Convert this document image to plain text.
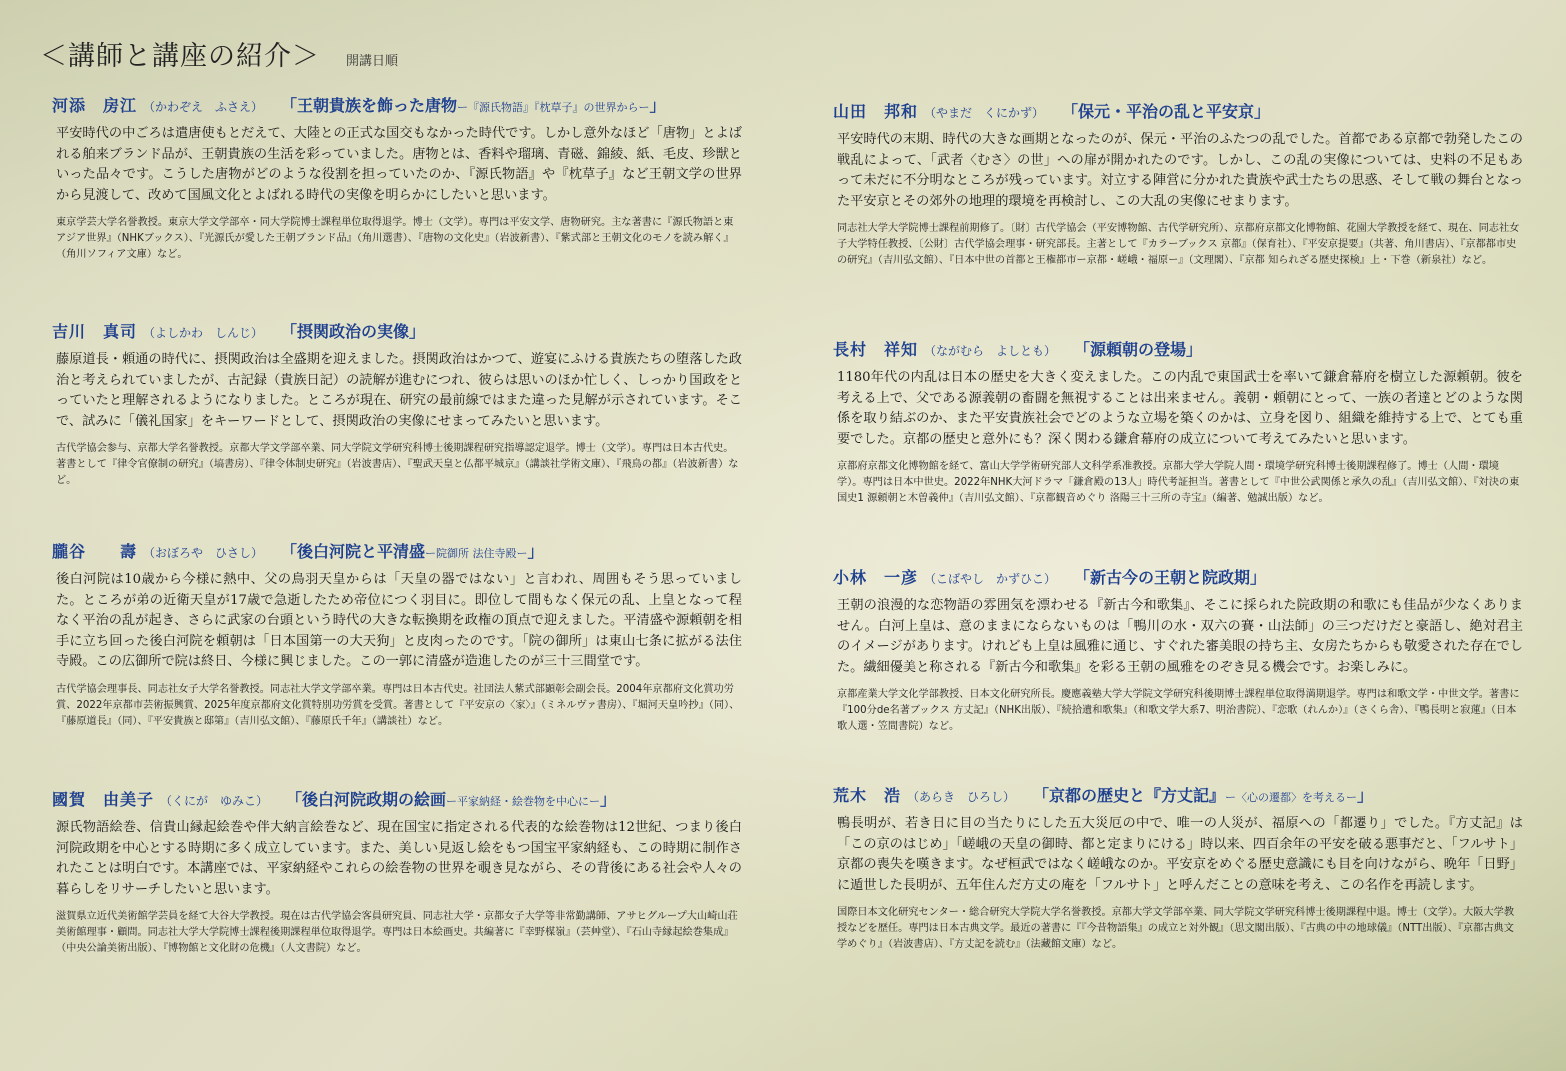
＜講師と講座の紹介＞ 開講日順
河添　房江 （かわぞえ　ふさえ） 「王朝貴族を飾った唐物ー『源氏物語』『枕草子』の世界からー」
平安時代の中ごろは遣唐使もとだえて、大陸との正式な国交もなかった時代です。しかし意外なほど「唐物」とよばれる舶来ブランド品が、王朝貴族の生活を彩っていました。唐物とは、香料や瑠璃、青磁、錦綾、紙、毛皮、珍獣といった品々です。こうした唐物がどのような役割を担っていたのか、『源氏物語』や『枕草子』など王朝文学の世界から見渡して、改めて国風文化とよばれる時代の実像を明らかにしたいと思います。
東京学芸大学名誉教授。東京大学文学部卒・同大学院博士課程単位取得退学。博士（文学）。専門は平安文学、唐物研究。主な著書に『源氏物語と東アジア世界』（NHKブックス）、『光源氏が愛した王朝ブランド品』（角川選書）、『唐物の文化史』（岩波新書）、『紫式部と王朝文化のモノを読み解く』（角川ソフィア文庫）など。
吉川　真司 （よしかわ　しんじ） 「摂関政治の実像」
藤原道長・頼通の時代に、摂関政治は全盛期を迎えました。摂関政治はかつて、遊宴にふける貴族たちの堕落した政治と考えられていましたが、古記録（貴族日記）の読解が進むにつれ、彼らは思いのほか忙しく、しっかり国政をとっていたと理解されるようになりました。ところが現在、研究の最前線ではまた違った見解が示されています。そこで、試みに「儀礼国家」をキーワードとして、摂関政治の実像にせまってみたいと思います。
古代学協会参与、京都大学名誉教授。京都大学文学部卒業、同大学院文学研究科博士後期課程研究指導認定退学。博士（文学）。専門は日本古代史。著書として『律令官僚制の研究』（塙書房）、『律令体制史研究』（岩波書店）、『聖武天皇と仏都平城京』（講談社学術文庫）、『飛鳥の都』（岩波新書）など。
朧谷　　壽 （おぼろや　ひさし） 「後白河院と平清盛ー院御所 法住寺殿ー」
後白河院は10歳から今様に熱中、父の鳥羽天皇からは「天皇の器ではない」と言われ、周囲もそう思っていました。ところが弟の近衛天皇が17歳で急逝したため帝位につく羽目に。即位して間もなく保元の乱、上皇となって程なく平治の乱が起き、さらに武家の台頭という時代の大きな転換期を政権の頂点で迎えました。平清盛や源頼朝を相手に立ち回った後白河院を頼朝は「日本国第一の大天狗」と皮肉ったのです。「院の御所」は東山七条に拡がる法住寺殿。この広御所で院は終日、今様に興じました。この一郭に清盛が造進したのが三十三間堂です。
古代学協会理事長、同志社女子大学名誉教授。同志社大学文学部卒業。専門は日本古代史。社団法人紫式部顕彰会副会長。2004年京都府文化賞功労賞、2022年京都市芸術振興賞、2025年度京都府文化賞特別功労賞を受賞。著書として『平安京の〈家〉』（ミネルヴァ書房）、『堀河天皇吟抄』（同）、『藤原道長』（同）、『平安貴族と邸第』（吉川弘文館）、『藤原氏千年』（講談社）など。
國賀　由美子 （くにが　ゆみこ） 「後白河院政期の絵画ー平家納経・絵巻物を中心にー」
源氏物語絵巻、信貴山縁起絵巻や伴大納言絵巻など、現在国宝に指定される代表的な絵巻物は12世紀、つまり後白河院政期を中心とする時期に多く成立しています。また、美しい見返し絵をもつ国宝平家納経も、この時期に制作されたことは明白です。本講座では、平家納経やこれらの絵巻物の世界を覗き見ながら、その背後にある社会や人々の暮らしをリサーチしたいと思います。
滋賀県立近代美術館学芸員を経て大谷大学教授。現在は古代学協会客員研究員、同志社大学・京都女子大学等非常勤講師、アサヒグループ大山崎山荘美術館理事・顧問。同志社大学大学院博士課程後期課程単位取得退学。専門は日本絵画史。共編著に『幸野楳嶺』（芸艸堂）、『石山寺縁起絵巻集成』（中央公論美術出版）、『博物館と文化財の危機』（人文書院）など。
山田　邦和 （やまだ　くにかず） 「保元・平治の乱と平安京」
平安時代の末期、時代の大きな画期となったのが、保元・平治のふたつの乱でした。首都である京都で勃発したこの戦乱によって、「武者〈むさ〉の世」への扉が開かれたのです。しかし、この乱の実像については、史料の不足もあって未だに不分明なところが残っています。対立する陣営に分かれた貴族や武士たちの思惑、そして戦の舞台となった平安京とその郊外の地理的環境を再検討し、この大乱の実像にせまります。
同志社大学大学院博士課程前期修了。〔財〕古代学協会（平安博物館、古代学研究所）、京都府京都文化博物館、花園大学教授を経て、現在、同志社女子大学特任教授、〔公財〕古代学協会理事・研究部長。主著として『カラーブックス 京都』（保育社）、『平安京提要』（共著、角川書店）、『京都都市史の研究』（吉川弘文館）、『日本中世の首都と王権都市ー京都・嵯峨・福原ー』（文理閣）、『京都 知られざる歴史探検』上・下巻（新泉社）など。
長村　祥知 （ながむら　よしとも） 「源頼朝の登場」
1180年代の内乱は日本の歴史を大きく変えました。この内乱で東国武士を率いて鎌倉幕府を樹立した源頼朝。彼を考える上で、父である源義朝の畜闘を無視することは出来ません。義朝・頼朝にとって、一族の者達とどのような関係を取り結ぶのか、また平安貴族社会でどのような立場を築くのかは、立身を図り、組織を維持する上で、とても重要でした。京都の歴史と意外にも？深く関わる鎌倉幕府の成立について考えてみたいと思います。
京都府京都文化博物館を経て、富山大学学術研究部人文科学系准教授。京都大学大学院人間・環境学研究科博士後期課程修了。博士（人間・環境学）。専門は日本中世史。2022年NHK大河ドラマ「鎌倉殿の13人」時代考証担当。著書として『中世公武関係と承久の乱』（吉川弘文館）、『対決の東国史1 源頼朝と木曽義仲』（吉川弘文館）、『京都観音めぐり 洛陽三十三所の寺宝』（編著、勉誠出版）など。
小林　一彦 （こばやし　かずひこ） 「新古今の王朝と院政期」
王朝の浪漫的な恋物語の雰囲気を漂わせる『新古今和歌集』、そこに採られた院政期の和歌にも佳品が少なくありません。白河上皇は、意のままにならないものは「鴨川の水・双六の賽・山法師」の三つだけだと豪語し、絶対君主のイメージがあります。けれども上皇は風雅に通じ、すぐれた審美眼の持ち主、女房たちからも敬愛された存在でした。繊細優美と称される『新古今和歌集』を彩る王朝の風雅をのぞき見る機会です。お楽しみに。
京都産業大学文化学部教授、日本文化研究所長。慶應義塾大学大学院文学研究科後期博士課程単位取得満期退学。専門は和歌文学・中世文学。著書に『100分de名著ブックス 方丈記』（NHK出版）、『続拾遺和歌集』（和歌文学大系7、明治書院）、『恋歌（れんか）』（さくら舎）、『鴨長明と寂蓮』（日本歌人選・笠間書院）など。
荒木　浩 （あらき　ひろし） 「京都の歴史と『方丈記』ー〈心の遷都〉を考えるー」
鴨長明が、若き日に目の当たりにした五大災厄の中で、唯一の人災が、福原への「都遷り」でした。『方丈記』は「この京のはじめ」「嵯峨の天皇の御時、都と定まりにける」時以来、四百余年の平安を破る悪事だと、「フルサト」京都の喪失を嘆きます。なぜ桓武ではなく嵯峨なのか。平安京をめぐる歴史意識にも目を向けながら、晩年「日野」に遁世した長明が、五年住んだ方丈の庵を「フルサト」と呼んだことの意味を考え、この名作を再読します。
国際日本文化研究センター・総合研究大学院大学名誉教授。京都大学文学部卒業、同大学院文学研究科博士後期課程中退。博士（文学）。大阪大学教授などを歴任。専門は日本古典文学。最近の著書に『『今昔物語集』の成立と対外観』（思文閣出版）、『古典の中の地球儀』（NTT出版）、『京都古典文学めぐり』（岩波書店）、『方丈記を読む』（法藏館文庫）など。
